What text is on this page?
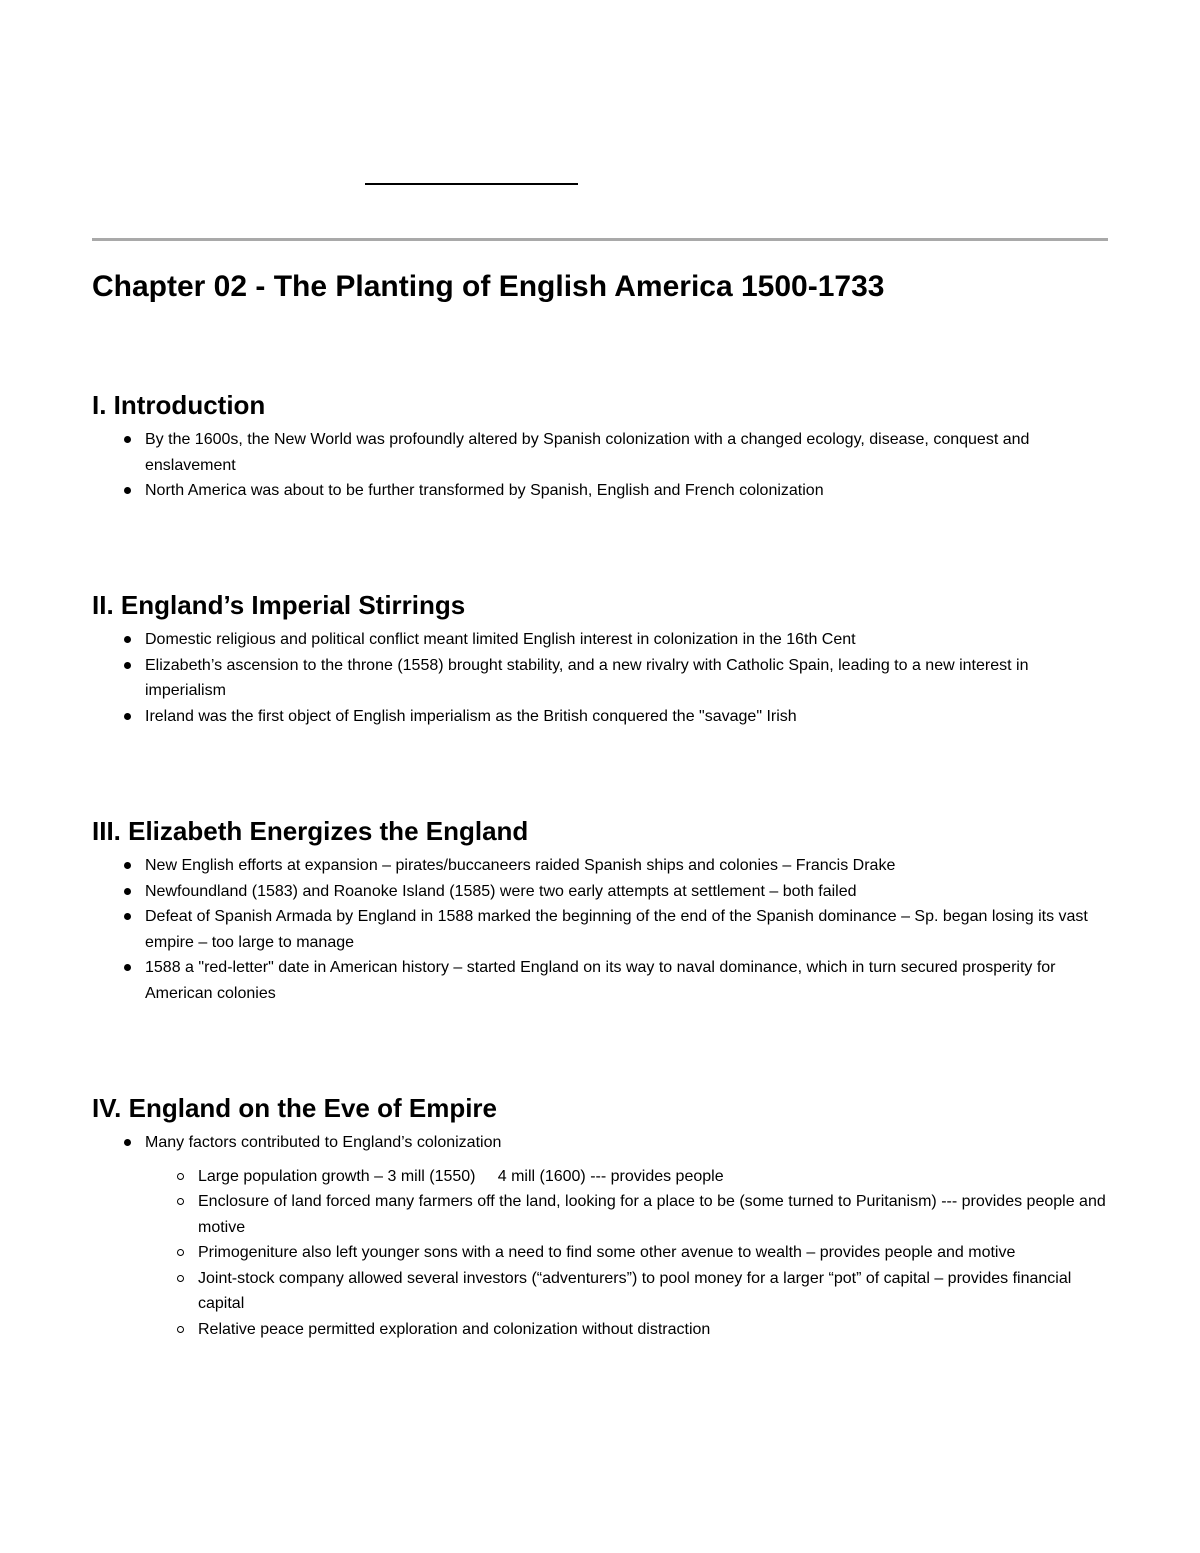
Chapter 02 - The Planting of English America 1500-1733
I. Introduction
By the 1600s, the New World was profoundly altered by Spanish colonization with a changed ecology, disease, conquest and enslavement
North America was about to be further transformed by Spanish, English and French colonization
II. England’s Imperial Stirrings
Domestic religious and political conflict meant limited English interest in colonization in the 16th Cent
Elizabeth’s ascension to the throne (1558) brought stability, and a new rivalry with Catholic Spain, leading to a new interest in imperialism
Ireland was the first object of English imperialism as the British conquered the "savage" Irish
III. Elizabeth Energizes the England
New English efforts at expansion – pirates/buccaneers raided Spanish ships and colonies – Francis Drake
Newfoundland (1583) and Roanoke Island (1585) were two early attempts at settlement – both failed
Defeat of Spanish Armada by England in 1588 marked the beginning of the end of the Spanish dominance – Sp. began losing its vast empire – too large to manage
1588 a "red-letter" date in American history – started England on its way to naval dominance, which in turn secured prosperity for American colonies
IV. England on the Eve of Empire
Many factors contributed to England’s colonization
Large population growth – 3 mill (1550)     4 mill (1600) --- provides people
Enclosure of land forced many farmers off the land, looking for a place to be (some turned to Puritanism) --- provides people and motive
Primogeniture also left younger sons with a need to find some other avenue to wealth – provides people and motive
Joint-stock company allowed several investors (“adventurers”) to pool money for a larger “pot” of capital – provides financial capital
Relative peace permitted exploration and colonization without distraction
